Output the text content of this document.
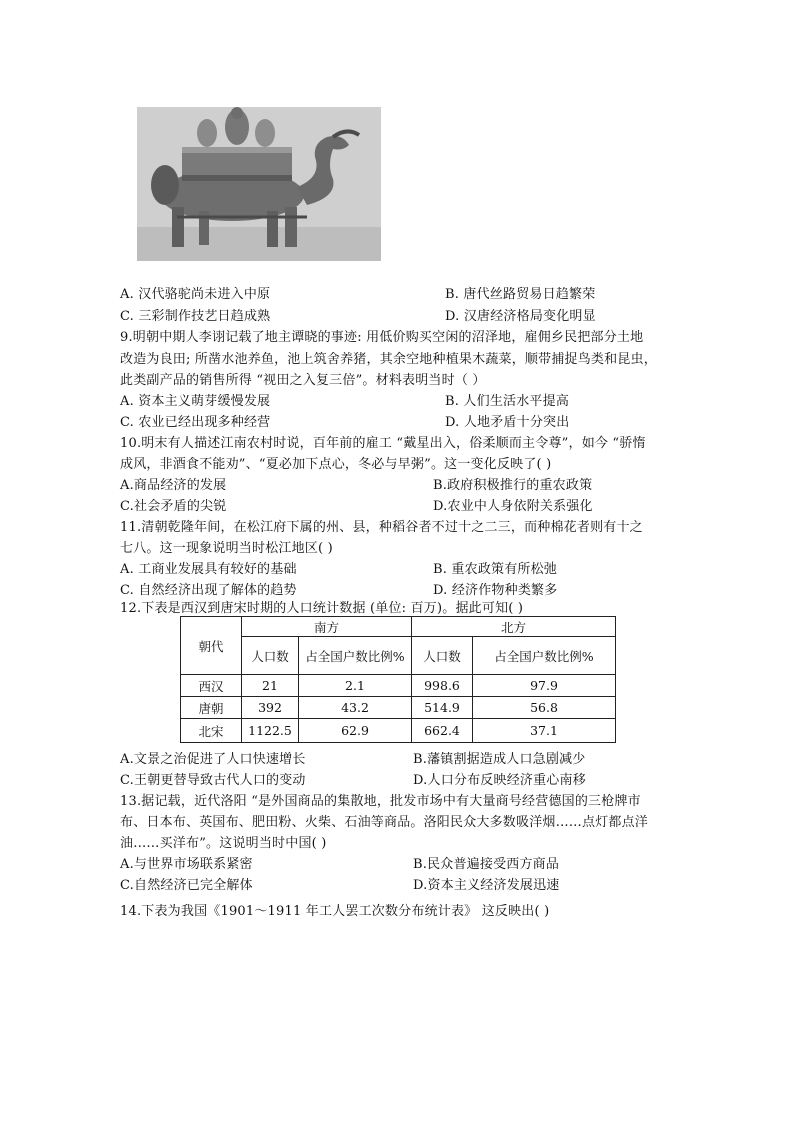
A. 汉代骆驼尚未进入中原	B. 唐代丝路贸易日趋繁荣
C. 三彩制作技艺日趋成熟	D. 汉唐经济格局变化明显
9.明朝中期人李诩记载了地主谭晓的事迹: 用低价购买空闲的沼泽地，雇佣乡民把部分土地
改造为良田; 所凿水池养鱼，池上筑舍养猪，其余空地种植果木蔬菜，顺带捕捉鸟类和昆虫，
此类副产品的销售所得 “视田之入复三倍”。材料表明当时（ ）
A. 资本主义萌芽缓慢发展	B. 人们生活水平提高
C. 农业已经出现多种经营	D. 人地矛盾十分突出
10.明末有人描述江南农村时说，百年前的雇工 “戴星出入，俗柔顺而主令尊”，如今 “骄惰
成风，非酒食不能劝”、“夏必加下点心，冬必与早粥”。这一变化反映了( )
A.商品经济的发展	B.政府积极推行的重农政策
C.社会矛盾的尖锐	D.农业中人身依附关系强化
11.清朝乾隆年间，在松江府下属的州、县，种稻谷者不过十之二三，而种棉花者则有十之
七八。这一现象说明当时松江地区( )
A. 工商业发展具有较好的基础	B. 重农政策有所松弛
C. 自然经济出现了解体的趋势	D. 经济作物种类繁多
12.下表是西汉到唐宋时期的人口统计数据 (单位: 百万)。据此可知( )
朝代	南方		北方	
	人口数	占全国户数比例%	人口数	占全国户数比例%
西汉	21	2.1	998.6	97.9
唐朝	392	43.2	514.9	56.8
北宋	1122.5	62.9	662.4	37.1
A.文景之治促进了人口快速增长	B.藩镇割据造成人口急剧减少
C.王朝更替导致古代人口的变动	D.人口分布反映经济重心南移
13.据记载，近代洛阳 “是外国商品的集散地，批发市场中有大量商号经营德国的三枪牌市
布、日本布、英国布、肥田粉、火柴、石油等商品。洛阳民众大多数吸洋烟……点灯都点洋
油……买洋布”。这说明当时中国( )
A.与世界市场联系紧密	B.民众普遍接受西方商品
C.自然经济已完全解体	D.资本主义经济发展迅速
14.下表为我国《1901～1911 年工人罢工次数分布统计表》 这反映出( )
